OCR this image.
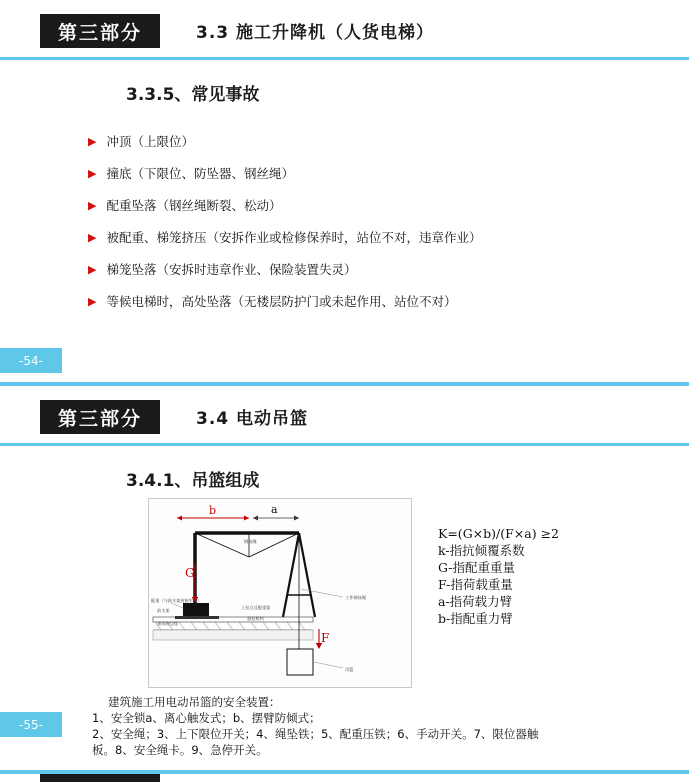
第三部分	3.3 施工升降机（人货电梯）
3.3.5、常见事故
▶ 冲顶（上限位）
▶ 撞底（下限位、防坠器、钢丝绳）
▶ 配重坠落（钢丝绳断裂、松动）
▶ 被配重、梯笼挤压（安拆作业或检修保养时，站位不对，违章作业）
▶ 梯笼坠落（安拆时违章作业、保险装置失灵）
▶ 等候电梯时，高处坠落（无楼层防护门或未起作用、站位不对）
-54-
第三部分	3.4 电动吊篮
3.4.1、吊篮组成
b	a
G
F
配重（与前支架连接牢固）
前支架
建筑物边缘
钢丝绳
上挂点及配重架
悬挂机构
工作钢丝绳
吊篮
K=(G×b)/(F×a) ≥2
k-指抗倾覆系数
G-指配重重量
F-指荷载重量
a-指荷载力臂
b-指配重力臂
建筑施工用电动吊篮的安全装置：
1、安全锁a、离心触发式；b、摆臂防倾式；
2、安全绳；3、上下限位开关；4、绳坠铁；5、配重压铁；6、手动开关。7、限位器触
板。8、安全绳卡。9、急停开关。
-55-
